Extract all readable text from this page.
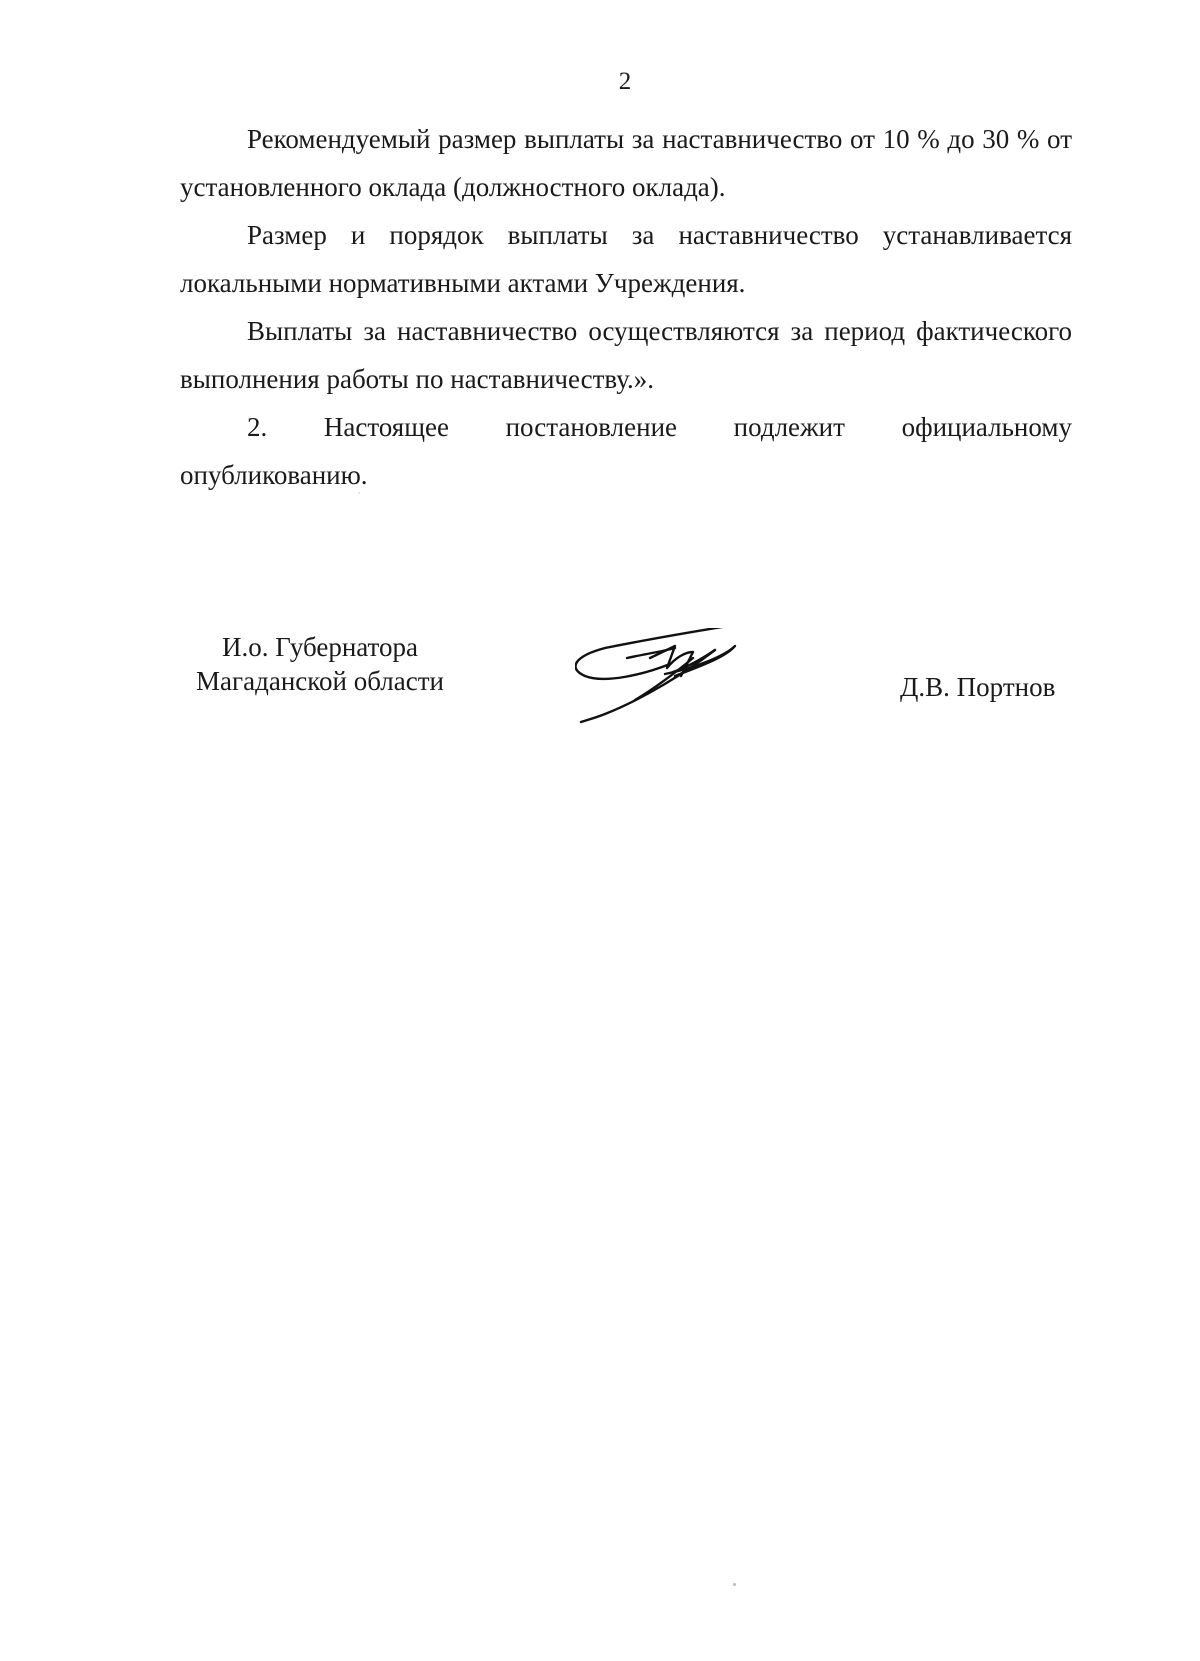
2

Рекомендуемый размер выплаты за наставничество от 10 % до 30 % от установленного оклада (должностного оклада).

Размер и порядок выплаты за наставничество устанавливается локальными нормативными актами Учреждения.

Выплаты за наставничество осуществляются за период фактического выполнения работы по наставничеству.».

2. Настоящее постановление подлежит официальному

опубликованию.

И.о. Губернатора
Магаданской области	Д.В. Портнов
